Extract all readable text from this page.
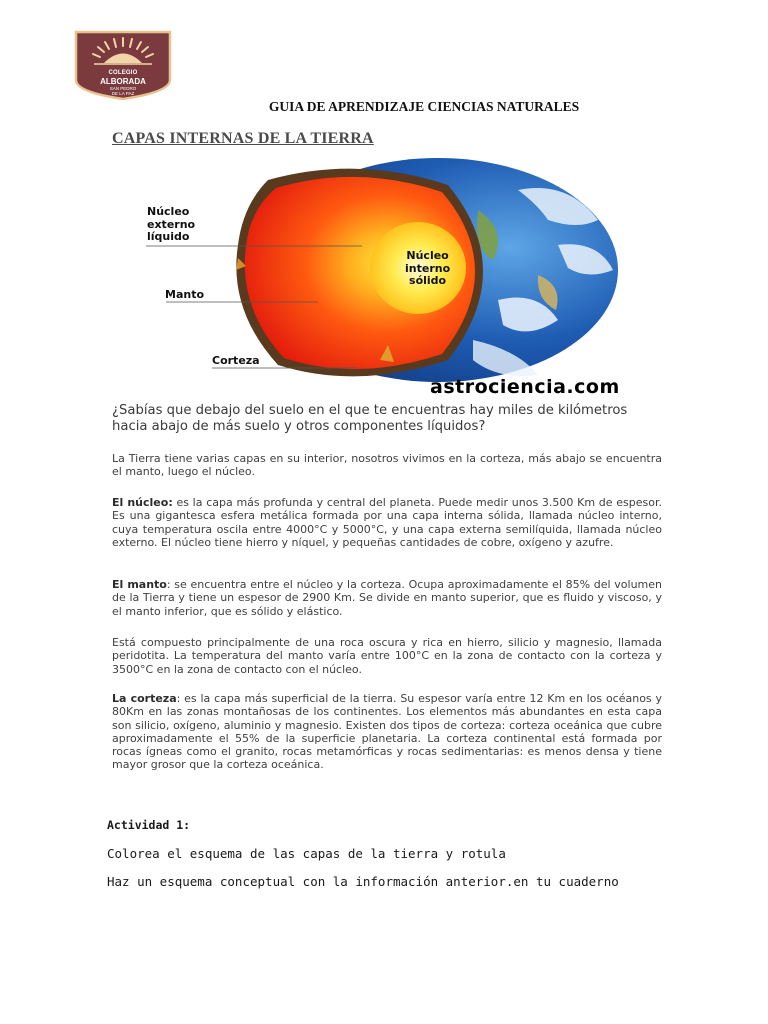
COLEGIO
ALBORADA
SAN PEDRO
DE LA PAZ
GUIA DE APRENDIZAJE CIENCIAS NATURALES
CAPAS INTERNAS DE LA TIERRA
Núcleo
externo
líquido
Núcleo
interno
sólido
Manto
Corteza
astrociencia.com

¿Sabías que debajo del suelo en el que te encuentras hay miles de kilómetros hacia abajo de más suelo y otros componentes líquidos?

La Tierra tiene varias capas en su interior, nosotros vivimos en la corteza, más abajo se encuentra el manto, luego el núcleo.

El núcleo: es la capa más profunda y central del planeta. Puede medir unos 3.500 Km de espesor. Es una gigantesca esfera metálica formada por una capa interna sólida, llamada núcleo interno, cuya temperatura oscila entre 4000°C y 5000°C, y una capa externa semilíquida, llamada núcleo externo. El núcleo tiene hierro y níquel, y pequeñas cantidades de cobre, oxígeno y azufre.

El manto: se encuentra entre el núcleo y la corteza. Ocupa aproximadamente el 85% del volumen de la Tierra y tiene un espesor de 2900 Km. Se divide en manto superior, que es fluido y viscoso, y el manto inferior, que es sólido y elástico.

Está compuesto principalmente de una roca oscura y rica en hierro, silicio y magnesio, llamada peridotita. La temperatura del manto varía entre 100°C en la zona de contacto con la corteza y 3500°C en la zona de contacto con el núcleo.

La corteza: es la capa más superficial de la tierra. Su espesor varía entre 12 Km en los océanos y 80Km en las zonas montañosas de los continentes. Los elementos más abundantes en esta capa son silicio, oxígeno, aluminio y magnesio. Existen dos tipos de corteza: corteza oceánica que cubre aproximadamente el 55% de la superficie planetaria. La corteza continental está formada por rocas ígneas como el granito, rocas metamórficas y rocas sedimentarias: es menos densa y tiene mayor grosor que la corteza oceánica.

Actividad 1:

Colorea el esquema de las capas de la tierra y rotula

Haz un esquema conceptual con la información anterior.en tu cuaderno
